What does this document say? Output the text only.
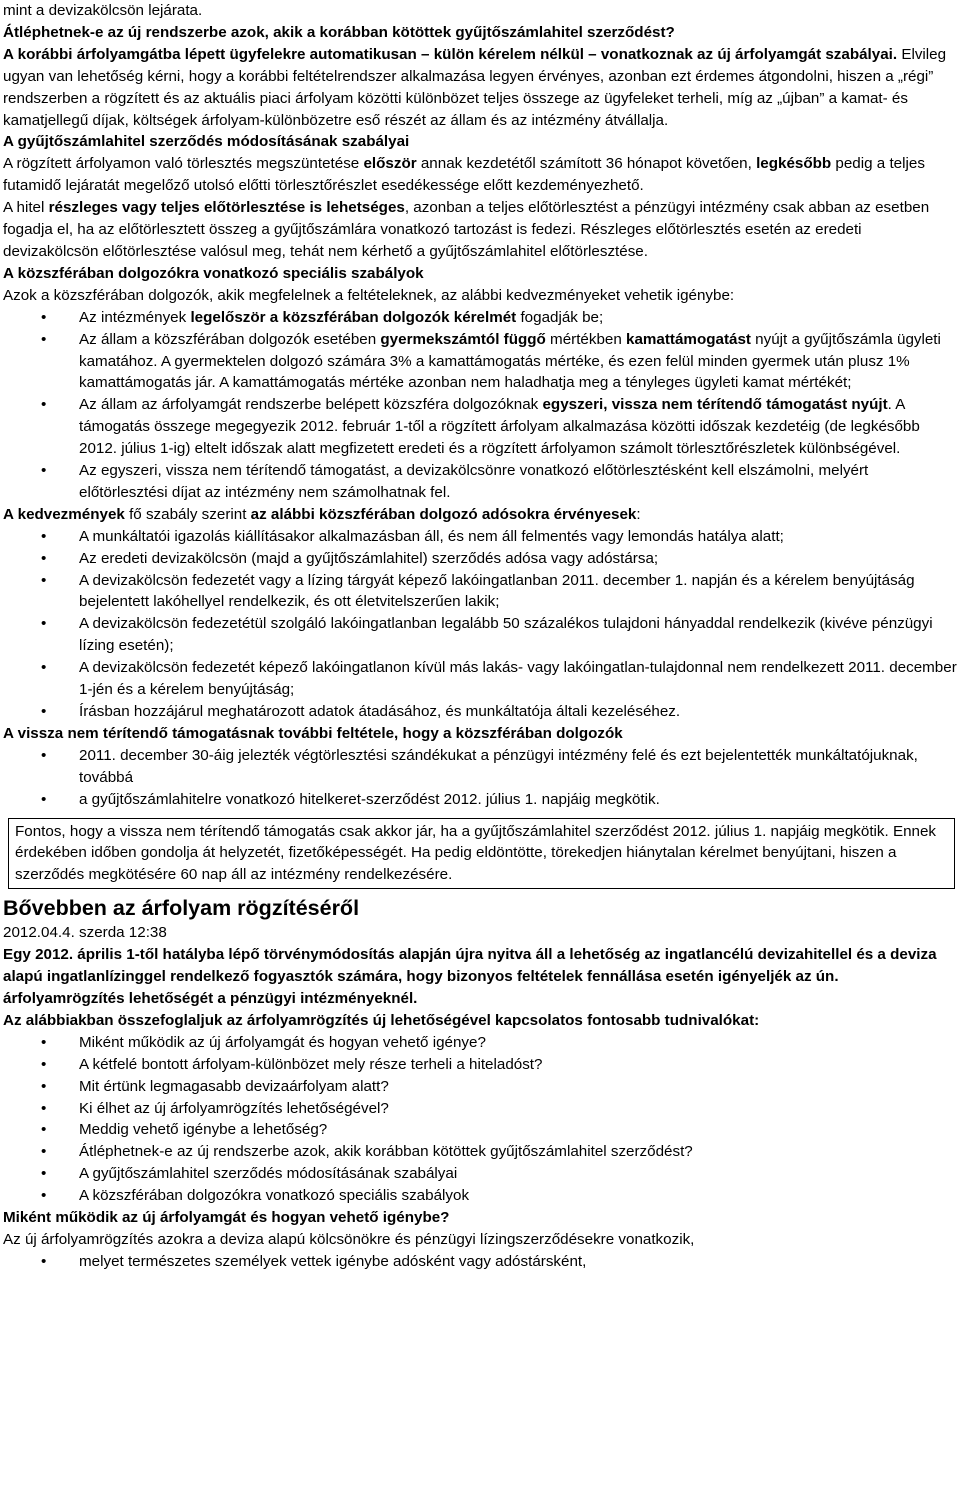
mint a devizakölcsön lejárata.

Átléphetnek-e az új rendszerbe azok, akik a korábban kötöttek gyűjtőszámlahitel szerződést?

A korábbi árfolyamgátba lépett ügyfelekre automatikusan – külön kérelem nélkül – vonatkoznak az új árfolyamgát szabályai. Elvileg ugyan van lehetőség kérni, hogy a korábbi feltételrendszer alkalmazása legyen érvényes, azonban ezt érdemes átgondolni, hiszen a „régi” rendszerben a rögzített és az aktuális piaci árfolyam közötti különbözet teljes összege az ügyfeleket terheli, míg az „újban” a kamat- és kamatjellegű díjak, költségek árfolyam-különbözetre eső részét az állam és az intézmény átvállalja.

A gyűjtőszámlahitel szerződés módosításának szabályai

A rögzített árfolyamon való törlesztés megszüntetése először annak kezdetétől számított 36 hónapot követően, legkésőbb pedig a teljes futamidő lejáratát megelőző utolsó előtti törlesztőrészlet esedékessége előtt kezdeményezhető.

A hitel részleges vagy teljes előtörlesztése is lehetséges, azonban a teljes előtörlesztést a pénzügyi intézmény csak abban az esetben fogadja el, ha az előtörlesztett összeg a gyűjtőszámlára vonatkozó tartozást is fedezi. Részleges előtörlesztés esetén az eredeti devizakölcsön előtörlesztése valósul meg, tehát nem kérhető a gyűjtőszámlahitel előtörlesztése.

A közszférában dolgozókra vonatkozó speciális szabályok

Azok a közszférában dolgozók, akik megfelelnek a feltételeknek, az alábbi kedvezményeket vehetik igénybe:

• Az intézmények legelőször a közszférában dolgozók kérelmét fogadják be;
• Az állam a közszférában dolgozók esetében gyermekszámtól függő mértékben kamattámogatást nyújt a gyűjtőszámla ügyleti kamatához. A gyermektelen dolgozó számára 3% a kamattámogatás mértéke, és ezen felül minden gyermek után plusz 1% kamattámogatás jár. A kamattámogatás mértéke azonban nem haladhatja meg a tényleges ügyleti kamat mértékét;
• Az állam az árfolyamgát rendszerbe belépett közszféra dolgozóknak egyszeri, vissza nem térítendő támogatást nyújt. A támogatás összege megegyezik 2012. február 1-től a rögzített árfolyam alkalmazása közötti időszak kezdetéig (de legkésőbb 2012. július 1-ig) eltelt időszak alatt megfizetett eredeti és a rögzített árfolyamon számolt törlesztőrészletek különbségével.
• Az egyszeri, vissza nem térítendő támogatást, a devizakölcsönre vonatkozó előtörlesztésként kell elszámolni, melyért előtörlesztési díjat az intézmény nem számolhatnak fel.

A kedvezmények fő szabály szerint az alábbi közszférában dolgozó adósokra érvényesek:

• A munkáltatói igazolás kiállításakor alkalmazásban áll, és nem áll felmentés vagy lemondás hatálya alatt;
• Az eredeti devizakölcsön (majd a gyűjtőszámlahitel) szerződés adósa vagy adóstársa;
• A devizakölcsön fedezetét vagy a lízing tárgyát képező lakóingatlanban 2011. december 1. napján és a kérelem benyújtáság bejelentett lakóhellyel rendelkezik, és ott életvitelszerűen lakik;
• A devizakölcsön fedezetétül szolgáló lakóingatlanban legalább 50 százalékos tulajdoni hányaddal rendelkezik (kivéve pénzügyi lízing esetén);
• A devizakölcsön fedezetét képező lakóingatlanon kívül más lakás- vagy lakóingatlan-tulajdonnal nem rendelkezett 2011. december 1-jén és a kérelem benyújtáság;
• Írásban hozzájárul meghatározott adatok átadásához, és munkáltatója általi kezeléséhez.

A vissza nem térítendő támogatásnak további feltétele, hogy a közszférában dolgozók

• 2011. december 30-áig jelezték végtörlesztési szándékukat a pénzügyi intézmény felé és ezt bejelentették munkáltatójuknak, továbbá
• a gyűjtőszámlahitelre vonatkozó hitelkeret-szerződést 2012. július 1. napjáig megkötik.

Fontos, hogy a vissza nem térítendő támogatás csak akkor jár, ha a gyűjtőszámlahitel szerződést 2012. július 1. napjáig megkötik. Ennek érdekében időben gondolja át helyzetét, fizetőképességét. Ha pedig eldöntötte, törekedjen hiánytalan kérelmet benyújtani, hiszen a szerződés megkötésére 60 nap áll az intézmény rendelkezésére.

Bővebben az árfolyam rögzítéséről

2012.04.4. szerda 12:38

Egy 2012. április 1-től hatályba lépő törvénymódosítás alapján újra nyitva áll a lehetőség az ingatlancélú devizahitellel és a deviza alapú ingatlanlízinggel rendelkező fogyasztók számára, hogy bizonyos feltételek fennállása esetén igényeljék az ún. árfolyamrögzítés lehetőségét a pénzügyi intézményeknél.

Az alábbiakban összefoglaljuk az árfolyamrögzítés új lehetőségével kapcsolatos fontosabb tudnivalókat:

• Miként működik az új árfolyamgát és hogyan vehető igénye?
• A kétfelé bontott árfolyam-különbözet mely része terheli a hiteladóst?
• Mit értünk legmagasabb devizaárfolyam alatt?
• Ki élhet az új árfolyamrögzítés lehetőségével?
• Meddig vehető igénybe a lehetőség?
• Átléphetnek-e az új rendszerbe azok, akik korábban kötöttek gyűjtőszámlahitel szerződést?
• A gyűjtőszámlahitel szerződés módosításának szabályai
• A közszférában dolgozókra vonatkozó speciális szabályok

Miként működik az új árfolyamgát és hogyan vehető igénybe?

Az új árfolyamrögzítés azokra a deviza alapú kölcsönökre és pénzügyi lízingszerződésekre vonatkozik,

• melyet természetes személyek vettek igénybe adósként vagy adóstársként,
